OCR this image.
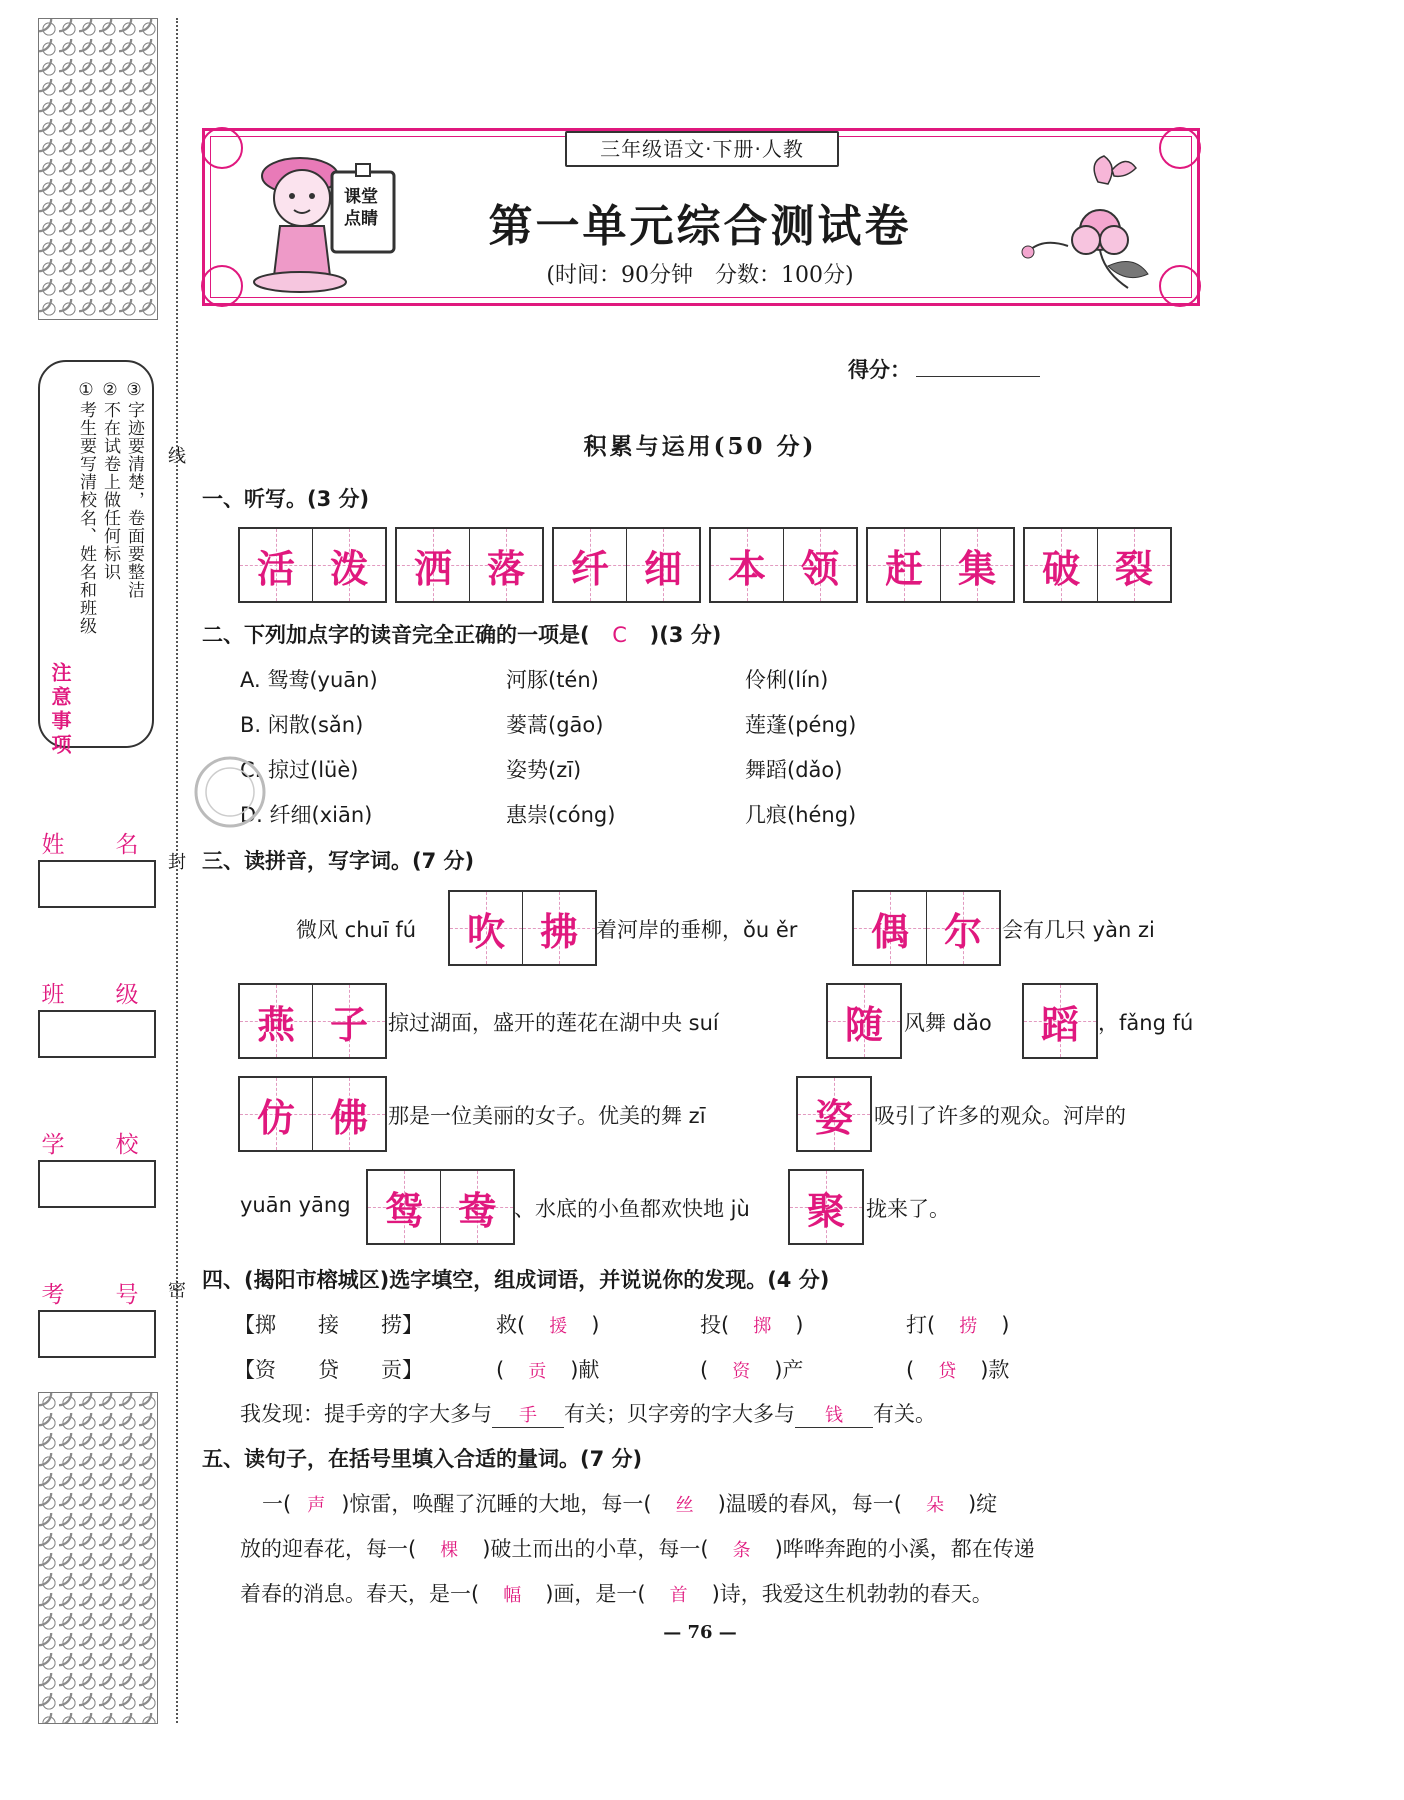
注意事项
①考生要写清校名、姓名和班级 ②不在试卷上做任何标识 ③字迹要清楚，卷面要整洁
姓　名
班　级
学　校
考　号
线
封
密
课堂点睛
三年级语文·下册·人教
第一单元综合测试卷
(时间：90分钟　分数：100分)
得分：
积累与运用(50 分)
一、听写。(3 分)
活 泼 洒 落 纤 细 本 领 赶 集 破 裂
二、下列加点字的读音完全正确的一项是( C )(3 分)
A. 鸳鸯(yuān)	河豚(tén)	伶俐(lín)
B. 闲散(sǎn)	蒌蒿(gāo)	莲蓬(péng)
C. 掠过(lüè)	姿势(zī)	舞蹈(dǎo)
D. 纤细(xiān)	惠崇(cóng)	几痕(héng)
三、读拼音，写字词。(7 分)
微风 chuī fú 吹 拂 着河岸的垂柳，ǒu ěr 偶 尔 会有几只 yàn zi
燕 子 掠过湖面，盛开的莲花在湖中央 suí	随 风舞 dǎo 蹈 ，fǎng fú
仿 佛 那是一位美丽的女子。优美的舞 zī	姿 吸引了许多的观众。河岸的
yuān yāng 鸳 鸯 、水底的小鱼都欢快地 jù 聚 拢来了。
四、(揭阳市榕城区)选字填空，组成词语，并说说你的发现。(4 分)
【掷　　接　　捞】	救( 援 )	投( 掷 )	打( 捞 )
【资　　贷　　贡】	( 贡 )献	( 资 )产	( 贷 )款
我发现：提手旁的字大多与 手 有关；贝字旁的字大多与 钱 有关。
五、读句子，在括号里填入合适的量词。(7 分)
一( 声 )惊雷，唤醒了沉睡的大地，每一( 丝 )温暖的春风，每一( 朵 )绽
放的迎春花，每一( 棵 )破土而出的小草，每一( 条 )哗哗奔跑的小溪，都在传递
着春的消息。春天，是一( 幅 )画，是一( 首 )诗，我爱这生机勃勃的春天。
— 76 —
